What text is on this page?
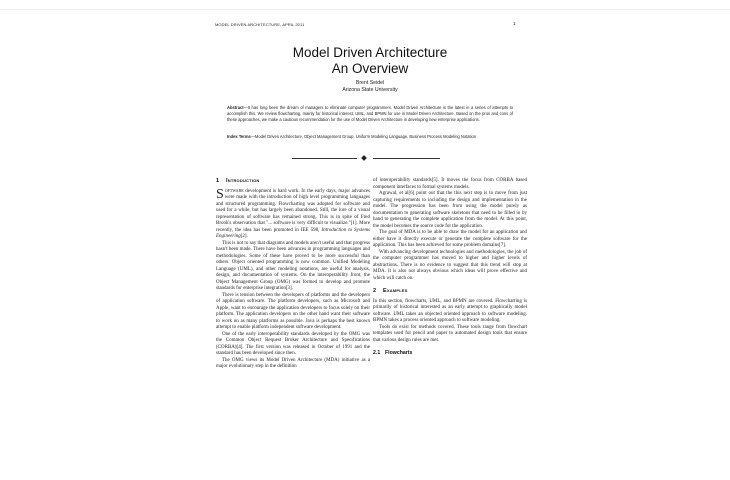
MODEL DRIVEN ARCHITECTURE, APRIL 2011	1
Model Driven Architecture
An Overview
Brent Seidel
Arizona State University
Abstract—It has long been the dream of managers to eliminate computer programmers. Model Driven Architecture is the latest in a series of attempts to accomplish this. We review flowcharting, mainly for historical interest, UML, and BPMN for use in Model Driven Architecture. Based on the pros and cons of these approaches, we make a cautious recommendation for the use of Model Driven Architecture in developing new enterprise applications.
Index Terms—Model Driven Architecture, Object Management Group, Uniform Modeling Language, Business Process Modeling Notation
1 Introduction

Software development is hard work. In the early days, major advances were made with the introduction of high level programming languages and structured programming. Flowcharting was adopted for software and used for a while, but has largely been abandoned. Still, the lure of a visual representation of software has remained strong. This is in spite of Fred Brook's observation that "... software is very difficult to visualize."[1]. More recently, the idea has been promoted in IEE 598, Introduction to Systems Engineering[2].

This is not to say that diagrams and models aren't useful and that progress hasn't been made. There have been advances in programming languages and methodologies. Some of these have proved to be more successful than others. Object oriented programming is now common. Unified Modeling Language (UML), and other modeling notations, are useful for analysis, design, and documentation of systems. On the interoperability front, the Object Management Group (OMG) was formed to develop and promote standards for enterprise integration[3].

There is tension between the developers of platforms and the developers of application software. The platform developers, such as Microsoft and Apple, want to encourage the application developers to focus solely on their platform. The application developers on the other hand want their software to work on as many platforms as possible. Java is perhaps the best known attempt to enable platform independent software development.

One of the early interoperability standards developed by the OMG was the Common Object Request Broker Architecture and Specifications (CORBA)[4]. The first version was released in October of 1991 and the standard has been developed since then.

The OMG views its Model Driven Architecture (MDA) initiative as a major evolutionary step in the definition

of interoperability standards[5]. It moves the focus from CORBA based component interfaces to formal systems models.

Agrawal, et al[6] point out that the this next step is to move from just capturing requirements to including the design and implementation in the model. The progression has been from using the model purely as documentation to generating software skeletons that need to be filled in by hand to generating the complete application from the model. At this point, the model becomes the source code for the application.

The goal of MDA is to be able to draw the model for an application and either have it directly execute or generate the complete software for the application. This has been achieved for some problem domains[7].

With advancing development technologies and methodologies, the job of the computer programmer has moved to higher and higher levels of abstractions. There is no evidence to suggest that this trend will stop at MDA. It is also not always obvious which ideas will prove effective and which will catch on.

2 Examples

In this section, flowcharts, UML, and BPMN are covered. Flowcharting is primarily of historical interested as an early attempt to graphically model software. UML takes an objected oriented approach to software modeling. BPMN takes a process oriented approach to software modeling.

Tools do exist for methods covered. These tools range from flowchart templates used for pencil and paper to automated design tools that ensure that various design rules are met.

2.1 Flowcharts
